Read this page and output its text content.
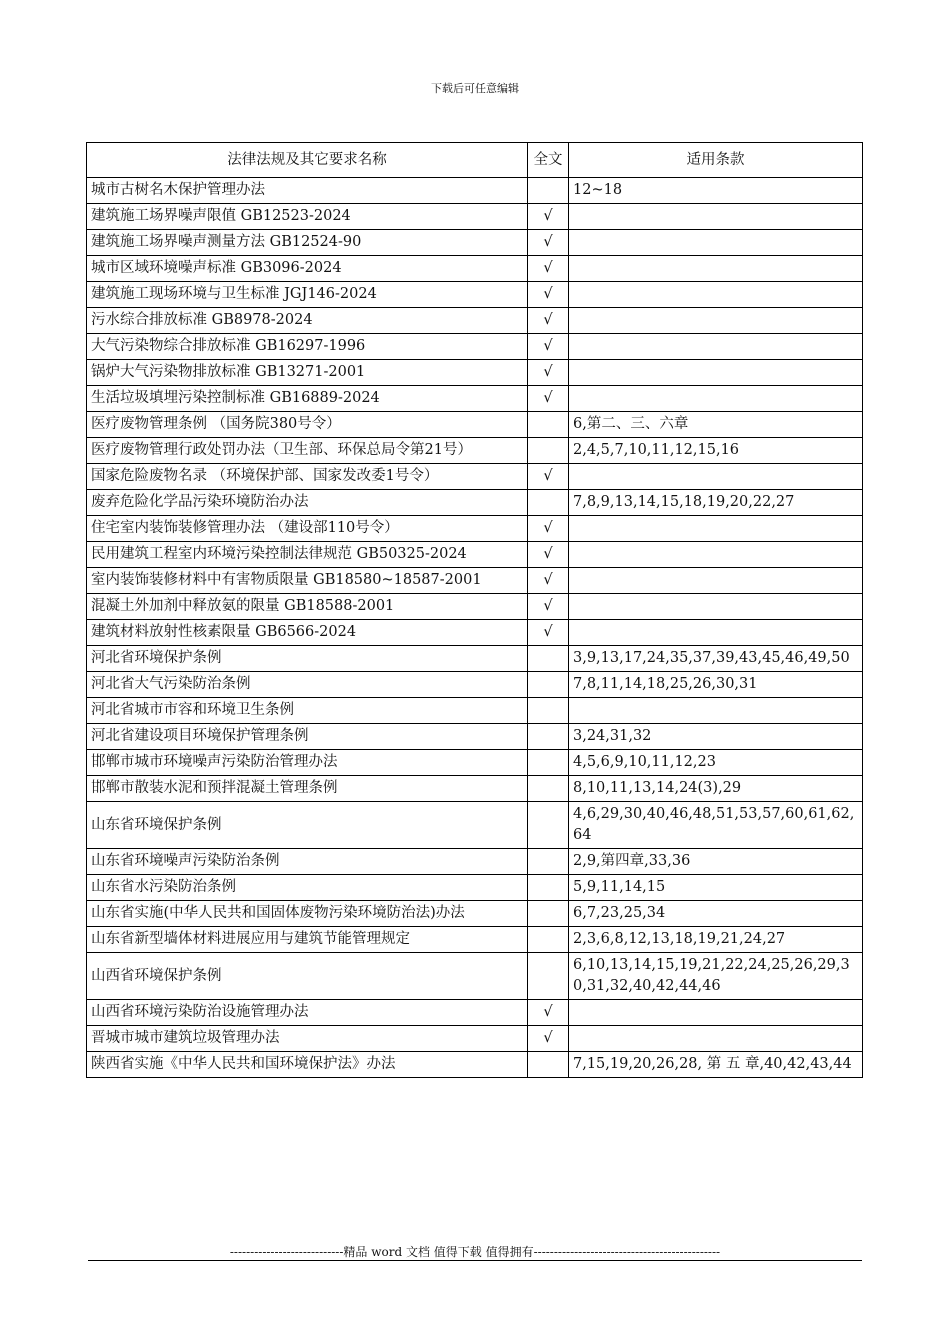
下载后可任意编辑
法律法规及其它要求名称	全文	适用条款
城市古树名木保护管理办法		12~18
建筑施工场界噪声限值 GB12523-2024	√	
建筑施工场界噪声测量方法 GB12524-90	√	
城市区域环境噪声标准 GB3096-2024	√	
建筑施工现场环境与卫生标准 JGJ146-2024	√	
污水综合排放标准 GB8978-2024	√	
大气污染物综合排放标准 GB16297-1996	√	
锅炉大气污染物排放标准 GB13271-2001	√	
生活垃圾填埋污染控制标准 GB16889-2024	√	
医疗废物管理条例 （国务院380号令）		6,第二、三、六章
医疗废物管理行政处罚办法（卫生部、环保总局令第21号）		2,4,5,7,10,11,12,15,16
国家危险废物名录 （环境保护部、国家发改委1号令）	√	
废弃危险化学品污染环境防治办法		7,8,9,13,14,15,18,19,20,22,27
住宅室内装饰装修管理办法 （建设部110号令）	√	
民用建筑工程室内环境污染控制法律规范 GB50325-2024	√	
室内装饰装修材料中有害物质限量 GB18580~18587-2001	√	
混凝土外加剂中释放氨的限量 GB18588-2001	√	
建筑材料放射性核素限量 GB6566-2024	√	
河北省环境保护条例		3,9,13,17,24,35,37,39,43,45,46,49,50
河北省大气污染防治条例		7,8,11,14,18,25,26,30,31
河北省城市市容和环境卫生条例		
河北省建设项目环境保护管理条例		3,24,31,32
邯郸市城市环境噪声污染防治管理办法		4,5,6,9,10,11,12,23
邯郸市散装水泥和预拌混凝土管理条例		8,10,11,13,14,24(3),29
山东省环境保护条例		4,6,29,30,40,46,48,51,53,57,60,61,62,64
山东省环境噪声污染防治条例		2,9,第四章,33,36
山东省水污染防治条例		5,9,11,14,15
山东省实施(中华人民共和国固体废物污染环境防治法)办法		6,7,23,25,34
山东省新型墙体材料进展应用与建筑节能管理规定		2,3,6,8,12,13,18,19,21,24,27
山西省环境保护条例		6,10,13,14,15,19,21,22,24,25,26,29,30,31,32,40,42,44,46
山西省环境污染防治设施管理办法	√	
晋城市城市建筑垃圾管理办法	√	
陕西省实施《中华人民共和国环境保护法》办法		7,15,19,20,26,28, 第 五 章,40,42,43,44
----------------------------精品 word 文档 值得下载 值得拥有----------------------------------------------
